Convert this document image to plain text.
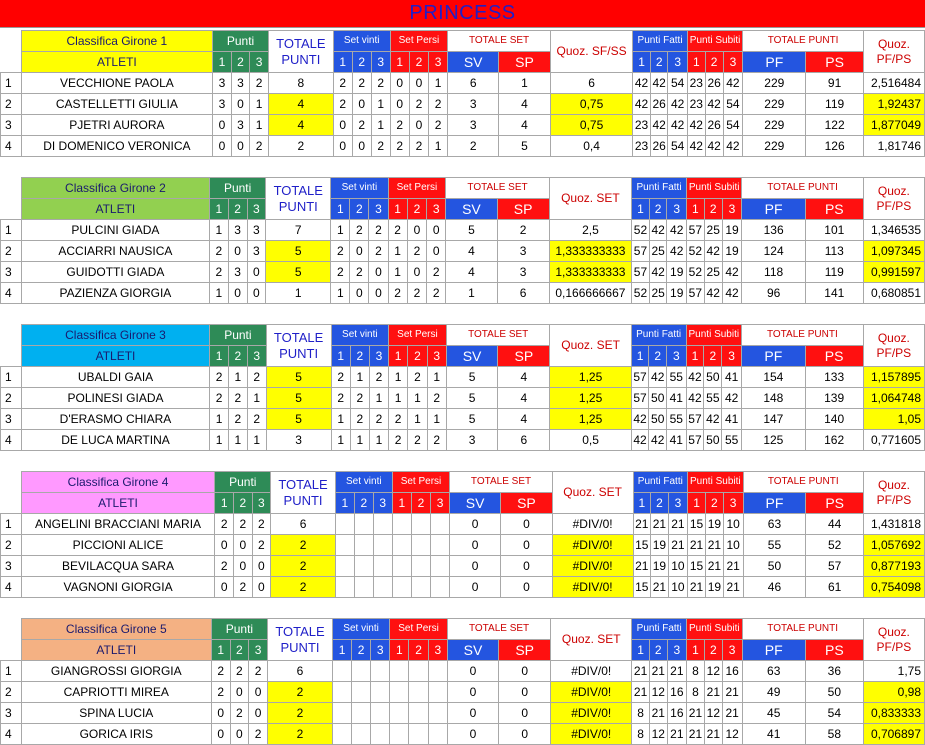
PRINCESS
	Classifica Girone 1	Punti			TOTALE
PUNTI	Set vinti			Set Persi			TOTALE SET		Quoz. SF/SS	Punti Fatti			Punti Subiti			TOTALE PUNTI		Quoz.
PF/PS
	ATLETI	1	2	3		1	2	3	1	2	3	SV	SP		1	2	3	1	2	3	PF	PS	
1	VECCHIONE PAOLA	3	3	2	8	2	2	2	0	0	1	6	1	6	42	42	54	23	26	42	229	91	2,516484
2	CASTELLETTI GIULIA	3	0	1	4	2	0	1	0	2	2	3	4	0,75	42	26	42	23	42	54	229	119	1,92437
3	PJETRI AURORA	0	3	1	4	0	2	1	2	0	2	3	4	0,75	23	42	42	42	26	54	229	122	1,877049
4	DI DOMENICO VERONICA	0	0	2	2	0	0	2	2	2	1	2	5	0,4	23	26	54	42	42	42	229	126	1,81746
	Classifica Girone 2	Punti			TOTALE
PUNTI	Set vinti			Set Persi			TOTALE SET		Quoz. SET	Punti Fatti			Punti Subiti			TOTALE PUNTI		Quoz.
PF/PS
	ATLETI	1	2	3		1	2	3	1	2	3	SV	SP		1	2	3	1	2	3	PF	PS	
1	PULCINI GIADA	1	3	3	7	1	2	2	2	0	0	5	2	2,5	52	42	42	57	25	19	136	101	1,346535
2	ACCIARRI NAUSICA	2	0	3	5	2	0	2	1	2	0	4	3	1,333333333	57	25	42	52	42	19	124	113	1,097345
3	GUIDOTTI GIADA	2	3	0	5	2	2	0	1	0	2	4	3	1,333333333	57	42	19	52	25	42	118	119	0,991597
4	PAZIENZA GIORGIA	1	0	0	1	1	0	0	2	2	2	1	6	0,166666667	52	25	19	57	42	42	96	141	0,680851
	Classifica Girone 3	Punti			TOTALE
PUNTI	Set vinti			Set Persi			TOTALE SET		Quoz. SET	Punti Fatti			Punti Subiti			TOTALE PUNTI		Quoz.
PF/PS
	ATLETI	1	2	3		1	2	3	1	2	3	SV	SP		1	2	3	1	2	3	PF	PS	
1	UBALDI GAIA	2	1	2	5	2	1	2	1	2	1	5	4	1,25	57	42	55	42	50	41	154	133	1,157895
2	POLINESI GIADA	2	2	1	5	2	2	1	1	1	2	5	4	1,25	57	50	41	42	55	42	148	139	1,064748
3	D'ERASMO CHIARA	1	2	2	5	1	2	2	2	1	1	5	4	1,25	42	50	55	57	42	41	147	140	1,05
4	DE LUCA MARTINA	1	1	1	3	1	1	1	2	2	2	3	6	0,5	42	42	41	57	50	55	125	162	0,771605
	Classifica Girone 4	Punti			TOTALE
PUNTI	Set vinti			Set Persi			TOTALE SET		Quoz. SET	Punti Fatti			Punti Subiti			TOTALE PUNTI		Quoz.
PF/PS
	ATLETI	1	2	3		1	2	3	1	2	3	SV	SP		1	2	3	1	2	3	PF	PS	
1	ANGELINI BRACCIANI MARIA	2	2	2	6							0	0	#DIV/0!	21	21	21	15	19	10	63	44	1,431818
2	PICCIONI ALICE	0	0	2	2							0	0	#DIV/0!	15	19	21	21	21	10	55	52	1,057692
3	BEVILACQUA SARA	2	0	0	2							0	0	#DIV/0!	21	19	10	15	21	21	50	57	0,877193
4	VAGNONI GIORGIA	0	2	0	2							0	0	#DIV/0!	15	21	10	21	19	21	46	61	0,754098
	Classifica Girone 5	Punti			TOTALE
PUNTI	Set vinti			Set Persi			TOTALE SET		Quoz. SET	Punti Fatti			Punti Subiti			TOTALE PUNTI		Quoz.
PF/PS
	ATLETI	1	2	3		1	2	3	1	2	3	SV	SP		1	2	3	1	2	3	PF	PS	
1	GIANGROSSI GIORGIA	2	2	2	6							0	0	#DIV/0!	21	21	21	8	12	16	63	36	1,75
2	CAPRIOTTI MIREA	2	0	0	2							0	0	#DIV/0!	21	12	16	8	21	21	49	50	0,98
3	SPINA LUCIA	0	2	0	2							0	0	#DIV/0!	8	21	16	21	12	21	45	54	0,833333
4	GORICA IRIS	0	0	2	2							0	0	#DIV/0!	8	12	21	21	21	12	41	58	0,706897
